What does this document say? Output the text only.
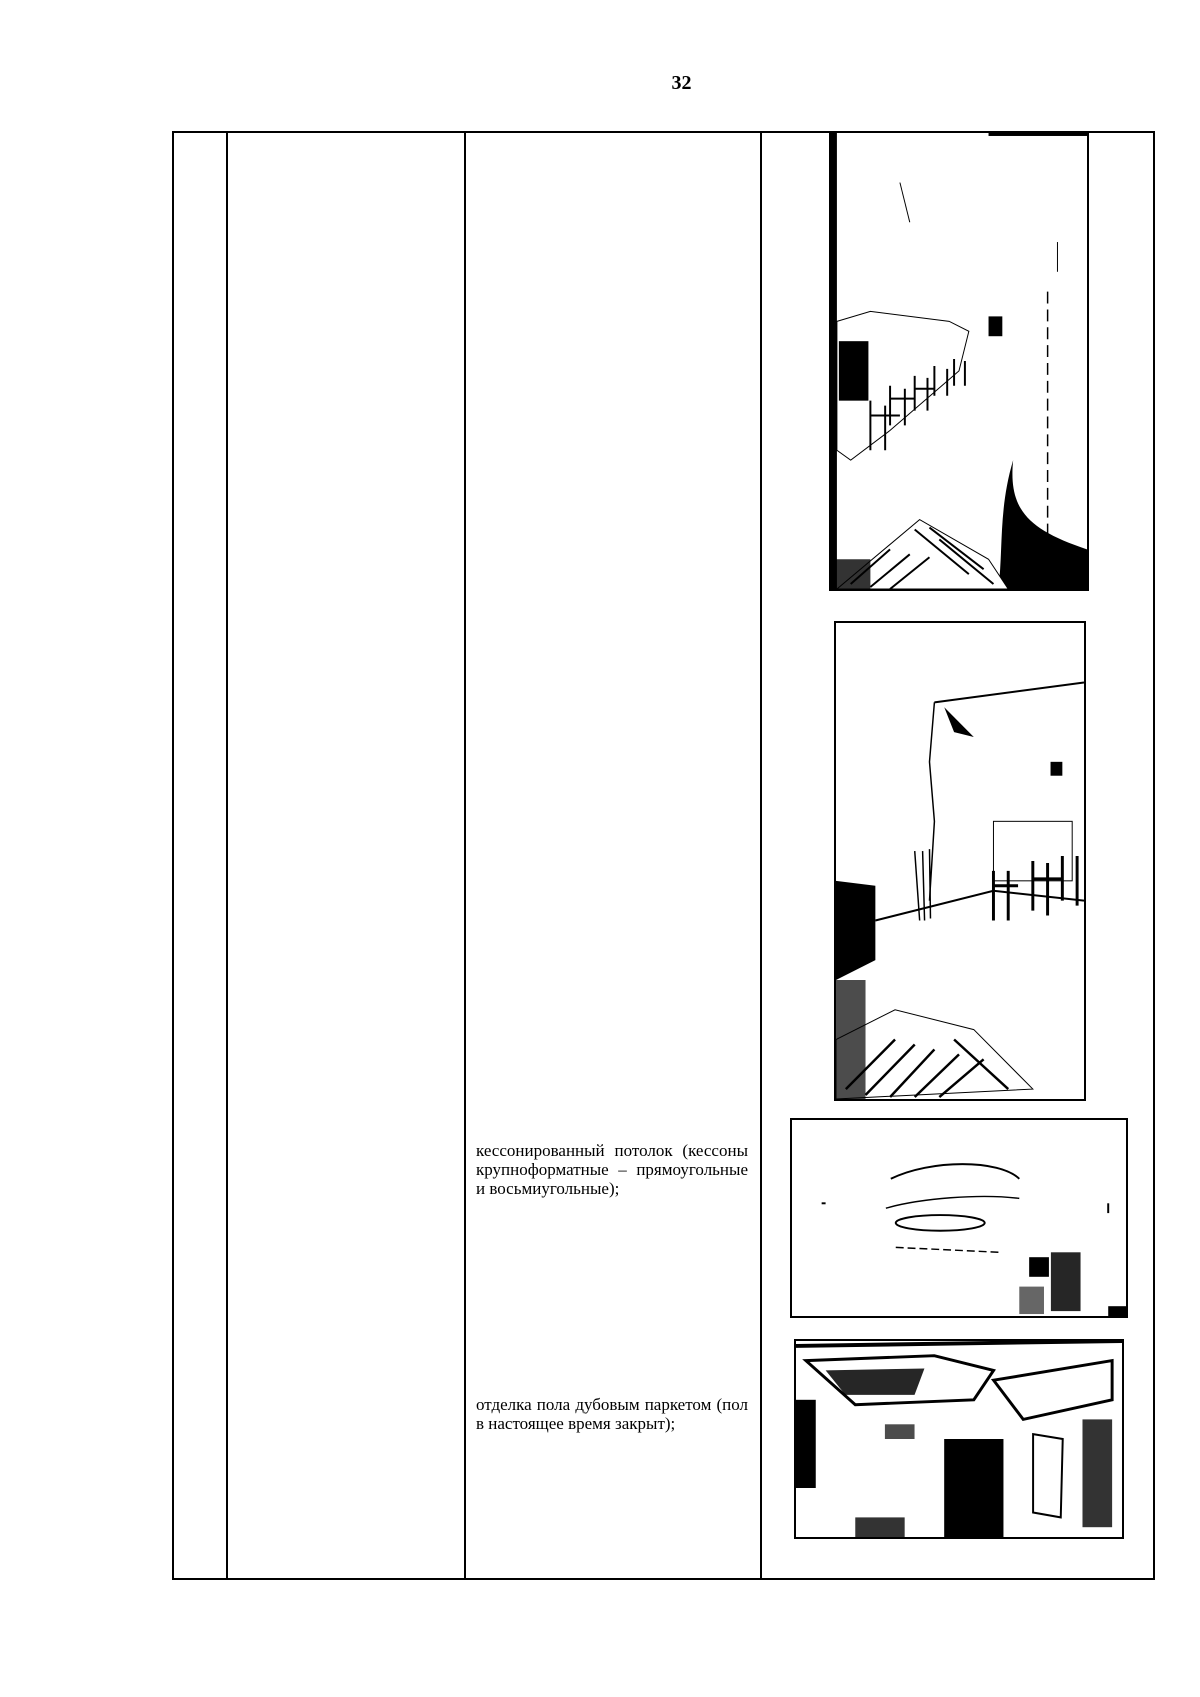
32
кессонированный потолок (кессоны крупноформатные – прямоугольные и восьмиугольные);
отделка пола дубовым паркетом (пол в настоящее время закрыт);
